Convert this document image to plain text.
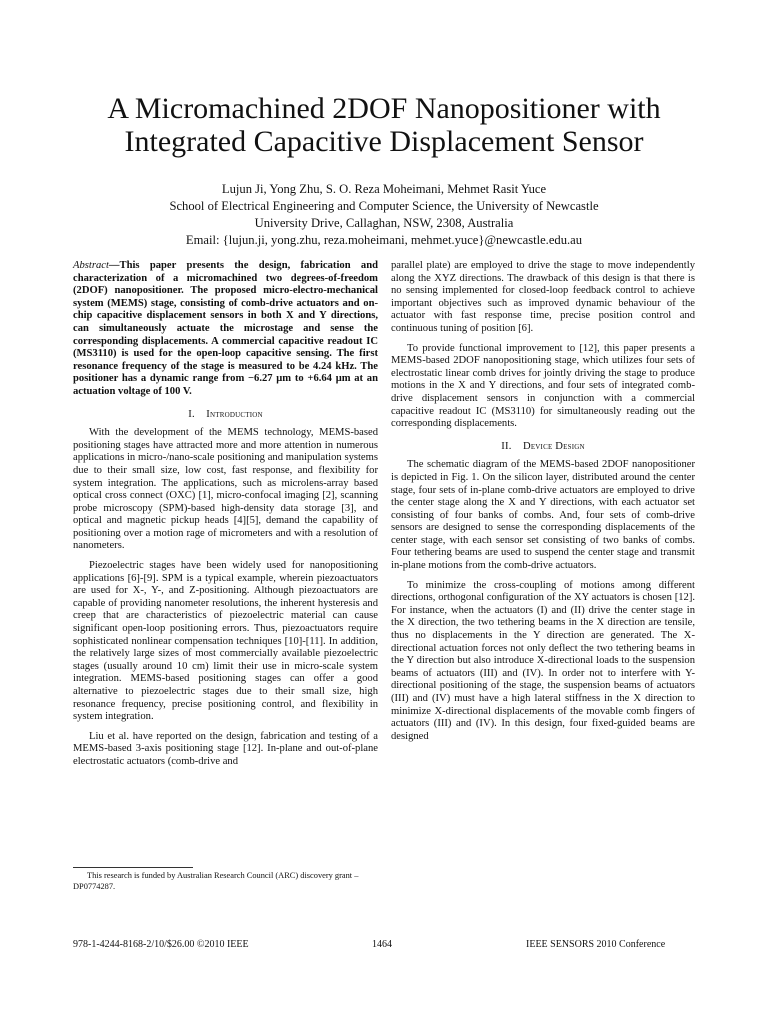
A Micromachined 2DOF Nanopositioner with
Integrated Capacitive Displacement Sensor
Lujun Ji, Yong Zhu, S. O. Reza Moheimani, Mehmet Rasit Yuce
School of Electrical Engineering and Computer Science, the University of Newcastle
University Drive, Callaghan, NSW, 2308, Australia
Email: {lujun.ji, yong.zhu, reza.moheimani, mehmet.yuce}@newcastle.edu.au

Abstract—This paper presents the design, fabrication and characterization of a micromachined two degrees-of-freedom (2DOF) nanopositioner. The proposed micro-electro-mechanical system (MEMS) stage, consisting of comb-drive actuators and on-chip capacitive displacement sensors in both X and Y directions, can simultaneously actuate the microstage and sense the corresponding displacements. A commercial capacitive readout IC (MS3110) is used for the open-loop capacitive sensing. The first resonance frequency of the stage is measured to be 4.24 kHz. The positioner has a dynamic range from −6.27 μm to +6.64 μm at an actuation voltage of 100 V.

I. Introduction

With the development of the MEMS technology, MEMS-based positioning stages have attracted more and more attention in numerous applications in micro-/nano-scale positioning and manipulation systems due to their small size, low cost, fast response, and flexibility for system integration. The applications, such as microlens-array based optical cross connect (OXC) [1], micro-confocal imaging [2], scanning probe microscopy (SPM)-based high-density data storage [3], and optical and magnetic pickup heads [4][5], demand the capability of positioning over a motion rage of micrometers and with a resolution of nanometers.

Piezoelectric stages have been widely used for nanopositioning applications [6]-[9]. SPM is a typical example, wherein piezoactuators are used for X-, Y-, and Z-positioning. Although piezoactuators are capable of providing nanometer resolutions, the inherent hysteresis and creep that are characteristics of piezoelectric material can cause significant open-loop positioning errors. Thus, piezoactuators require sophisticated nonlinear compensation techniques [10]-[11]. In addition, the relatively large sizes of most commercially available piezoelectric stages (usually around 10 cm) limit their use in micro-scale system integration. MEMS-based positioning stages can offer a good alternative to piezoelectric stages due to their small size, high resonance frequency, precise positioning control, and flexibility in system integration.

Liu et al. have reported on the design, fabrication and testing of a MEMS-based 3-axis positioning stage [12]. In-plane and out-of-plane electrostatic actuators (comb-drive and

parallel plate) are employed to drive the stage to move independently along the XYZ directions. The drawback of this design is that there is no sensing implemented for closed-loop feedback control to achieve important objectives such as improved dynamic behaviour of the actuator with fast response time, precise position control and continuous tuning of position [6].

To provide functional improvement to [12], this paper presents a MEMS-based 2DOF nanopositioning stage, which utilizes four sets of electrostatic linear comb drives for jointly driving the stage to produce motions in the X and Y directions, and four sets of integrated comb-drive displacement sensors in conjunction with a commercial capacitive readout IC (MS3110) for simultaneously reading out the corresponding displacements.

II. Device Design

The schematic diagram of the MEMS-based 2DOF nanopositioner is depicted in Fig. 1. On the silicon layer, distributed around the center stage, four sets of in-plane comb-drive actuators are employed to drive the center stage along the X and Y directions, with each actuator set consisting of four banks of combs. And, four sets of comb-drive sensors are designed to sense the corresponding displacements of the center stage, with each sensor set consisting of two banks of combs. Four tethering beams are used to suspend the center stage and transmit in-plane motions from the comb-drive actuators.

To minimize the cross-coupling of motions among different directions, orthogonal configuration of the XY actuators is chosen [12]. For instance, when the actuators (I) and (II) drive the center stage in the X direction, the two tethering beams in the X direction are tensile, thus no displacements in the Y direction are generated. The X-directional actuation forces not only deflect the two tethering beams in the Y direction but also introduce X-directional loads to the suspension beams of actuators (III) and (IV). In order not to interfere with Y-directional positioning of the stage, the suspension beams of actuators (III) and (IV) must have a high lateral stiffness in the X direction to minimize X-directional displacements of the movable comb fingers of actuators (III) and (IV). In this design, four fixed-guided beams are designed

This research is funded by Australian Research Council (ARC) discovery grant – DP0774287.
978-1-4244-8168-2/10/$26.00 ©2010 IEEE	1464	IEEE SENSORS 2010 Conference
